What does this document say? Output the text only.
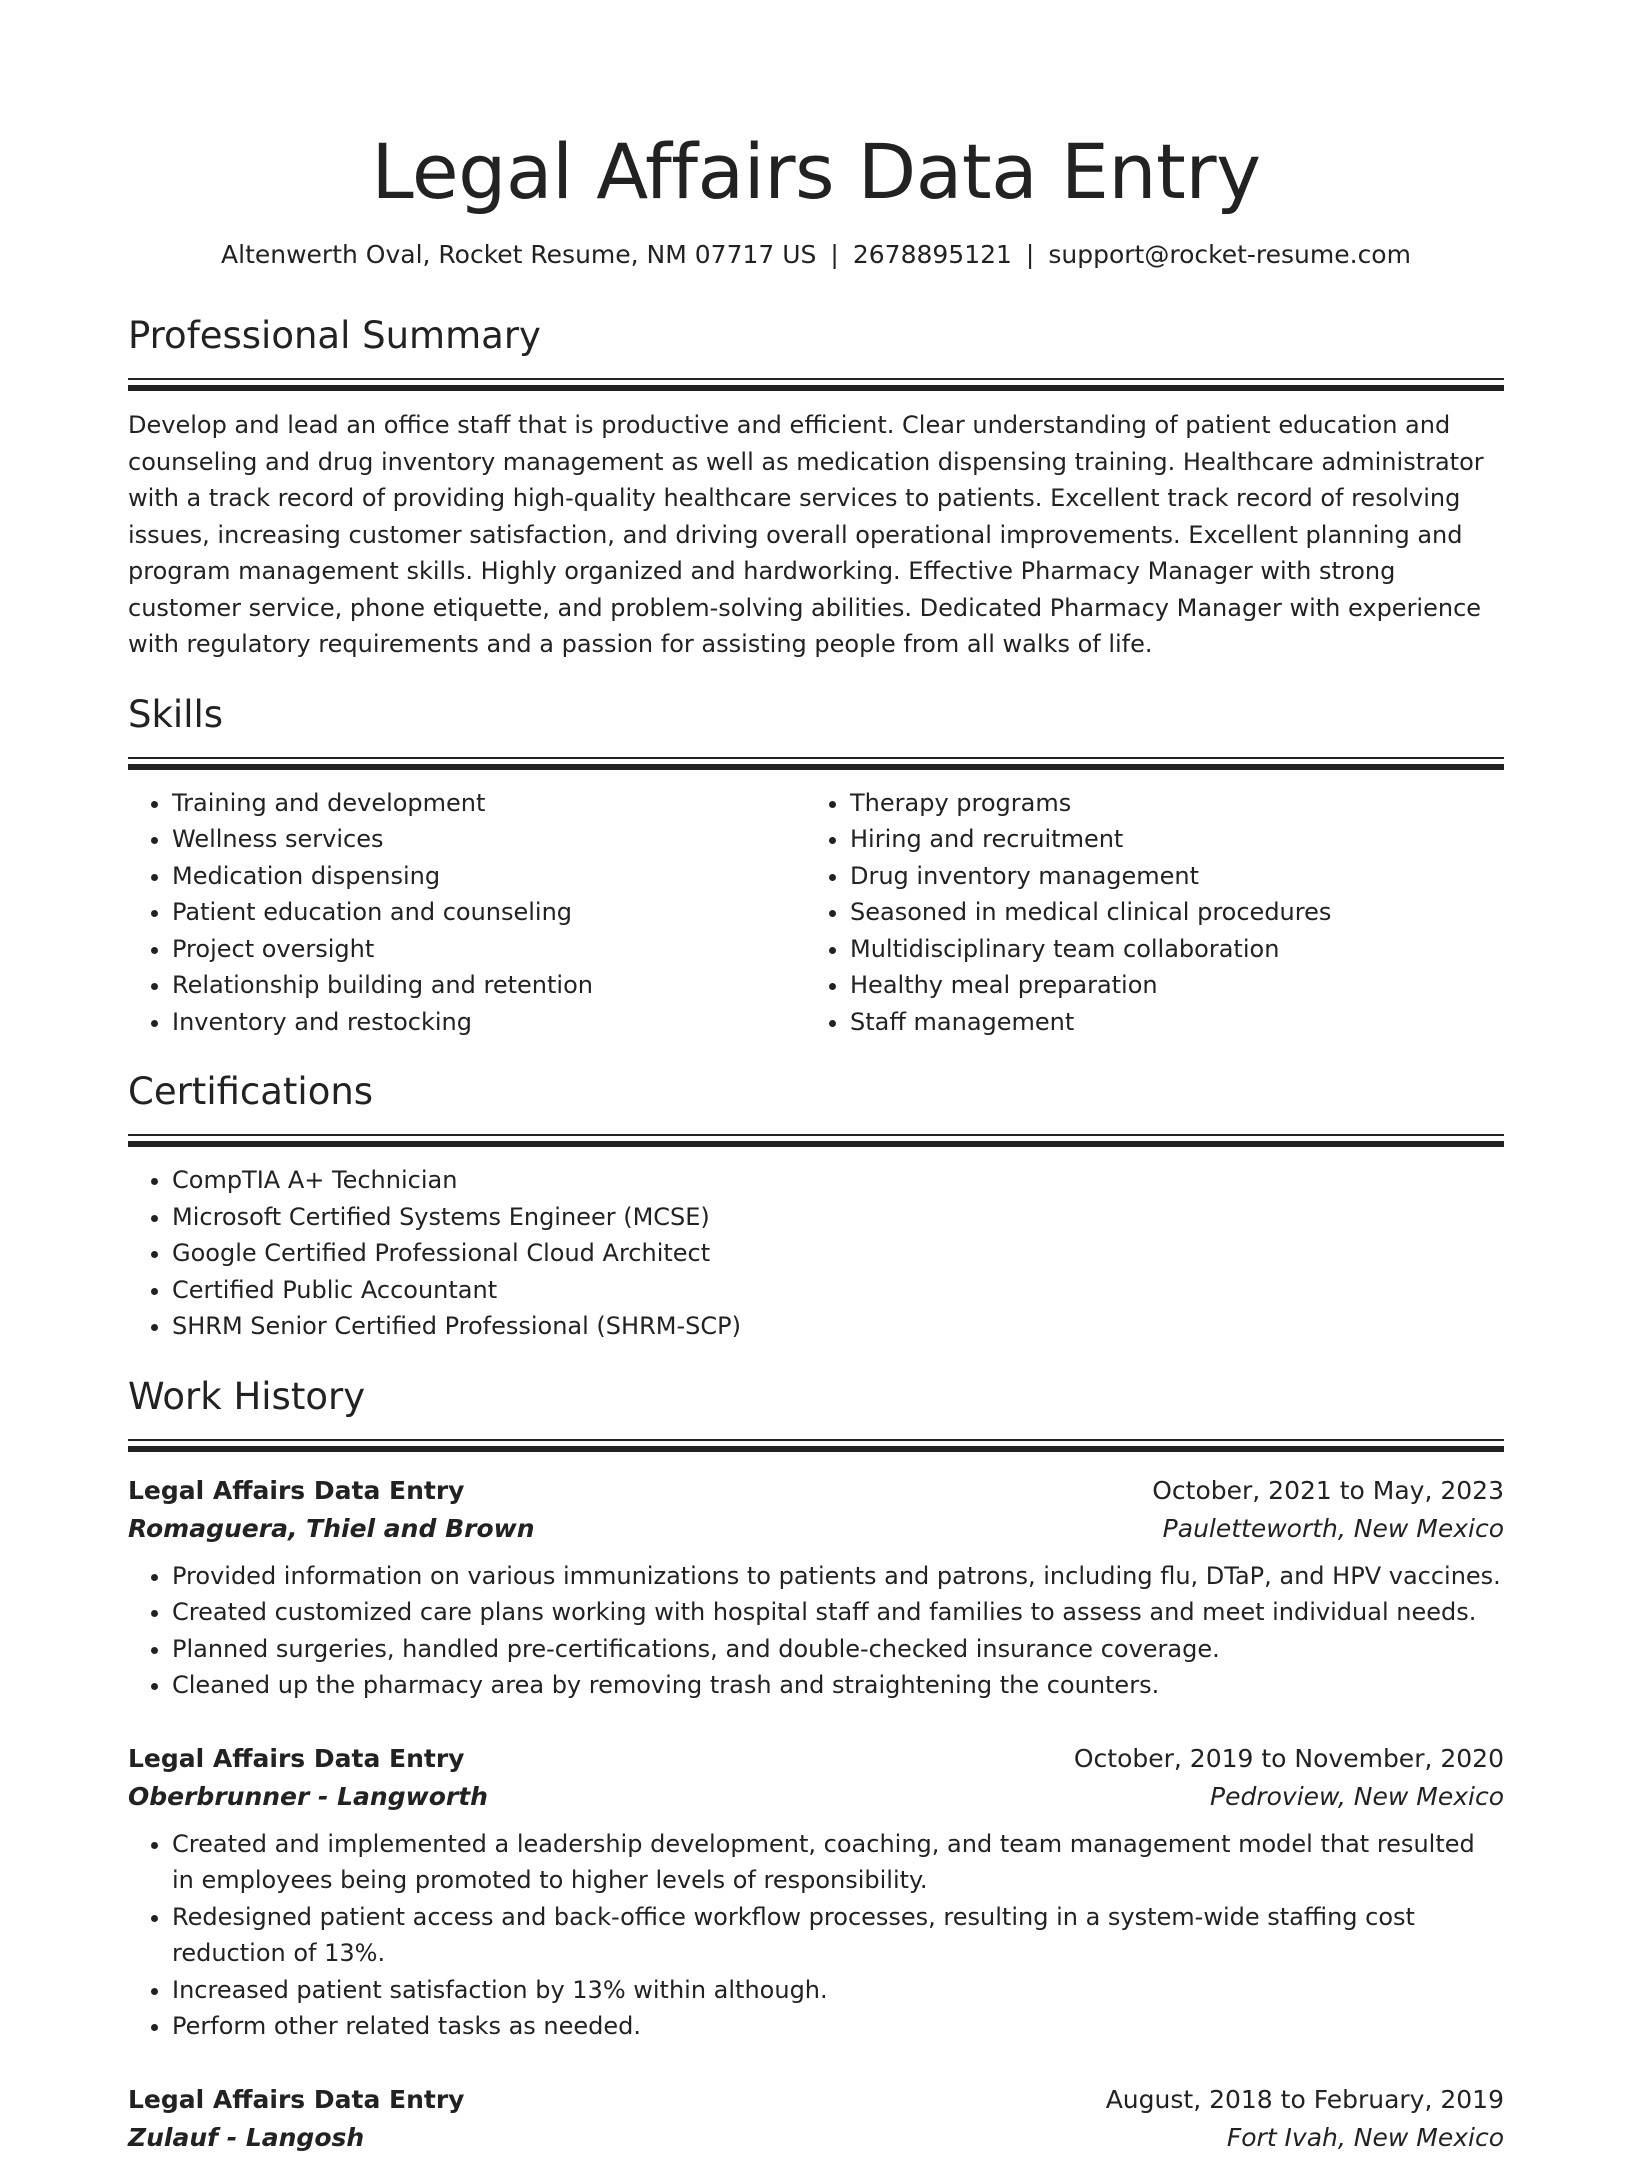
Legal Affairs Data Entry
Altenwerth Oval, Rocket Resume, NM 07717 US | 2678895121 | support@rocket-resume.com
Professional Summary

Develop and lead an office staff that is productive and efficient. Clear understanding of patient education and counseling and drug inventory management as well as medication dispensing training. Healthcare administrator with a track record of providing high-quality healthcare services to patients. Excellent track record of resolving issues, increasing customer satisfaction, and driving overall operational improvements. Excellent planning and program management skills. Highly organized and hardworking. Effective Pharmacy Manager with strong customer service, phone etiquette, and problem-solving abilities. Dedicated Pharmacy Manager with experience with regulatory requirements and a passion for assisting people from all walks of life.

Skills
• Training and development
• Wellness services
• Medication dispensing
• Patient education and counseling
• Project oversight
• Relationship building and retention
• Inventory and restocking
• Therapy programs
• Hiring and recruitment
• Drug inventory management
• Seasoned in medical clinical procedures
• Multidisciplinary team collaboration
• Healthy meal preparation
• Staff management
Certifications
• CompTIA A+ Technician
• Microsoft Certified Systems Engineer (MCSE)
• Google Certified Professional Cloud Architect
• Certified Public Accountant
• SHRM Senior Certified Professional (SHRM-SCP)
Work History
Legal Affairs Data Entry	October, 2021 to May, 2023
Romaguera, Thiel and Brown	Pauletteworth, New Mexico
• Provided information on various immunizations to patients and patrons, including flu, DTaP, and HPV vaccines.
• Created customized care plans working with hospital staff and families to assess and meet individual needs.
• Planned surgeries, handled pre-certifications, and double-checked insurance coverage.
• Cleaned up the pharmacy area by removing trash and straightening the counters.
Legal Affairs Data Entry	October, 2019 to November, 2020
Oberbrunner - Langworth	Pedroview, New Mexico
• Created and implemented a leadership development, coaching, and team management model that resulted in employees being promoted to higher levels of responsibility.
• Redesigned patient access and back-office workflow processes, resulting in a system-wide staffing cost reduction of 13%.
• Increased patient satisfaction by 13% within although.
• Perform other related tasks as needed.
Legal Affairs Data Entry	August, 2018 to February, 2019
Zulauf - Langosh	Fort Ivah, New Mexico
